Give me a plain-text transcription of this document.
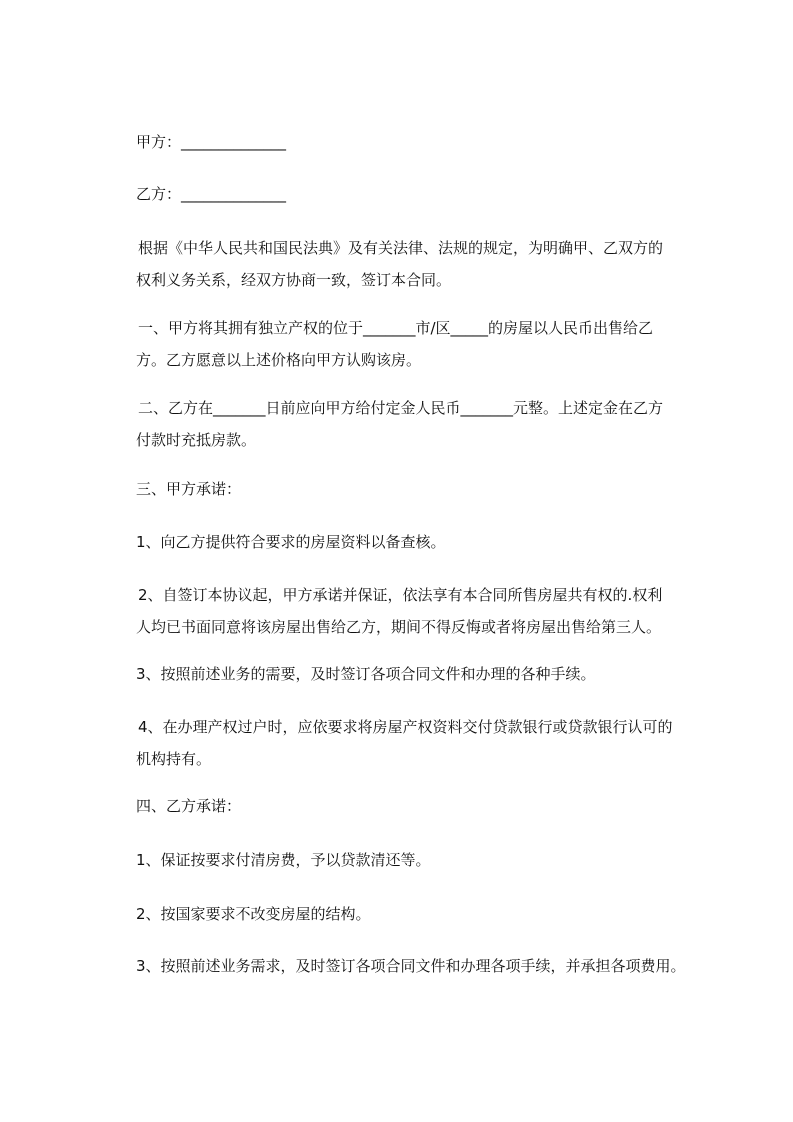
甲方：______________
乙方：______________
根据《中华人民共和国民法典》及有关法律、法规的规定，为明确甲、乙双方的
权利义务关系，经双方协商一致，签订本合同。
一、甲方将其拥有独立产权的位于_______市/区_____的房屋以人民币出售给乙
方。乙方愿意以上述价格向甲方认购该房。
二、乙方在_______日前应向甲方给付定金人民币_______元整。上述定金在乙方
付款时充抵房款。
三、甲方承诺：
1、向乙方提供符合要求的房屋资料以备查核。
2、自签订本协议起，甲方承诺并保证，依法享有本合同所售房屋共有权的.权利
人均已书面同意将该房屋出售给乙方，期间不得反悔或者将房屋出售给第三人。
3、按照前述业务的需要，及时签订各项合同文件和办理的各种手续。
4、在办理产权过户时，应依要求将房屋产权资料交付贷款银行或贷款银行认可的
机构持有。
四、乙方承诺：
1、保证按要求付清房费，予以贷款清还等。
2、按国家要求不改变房屋的结构。
3、按照前述业务需求，及时签订各项合同文件和办理各项手续，并承担各项费用。
